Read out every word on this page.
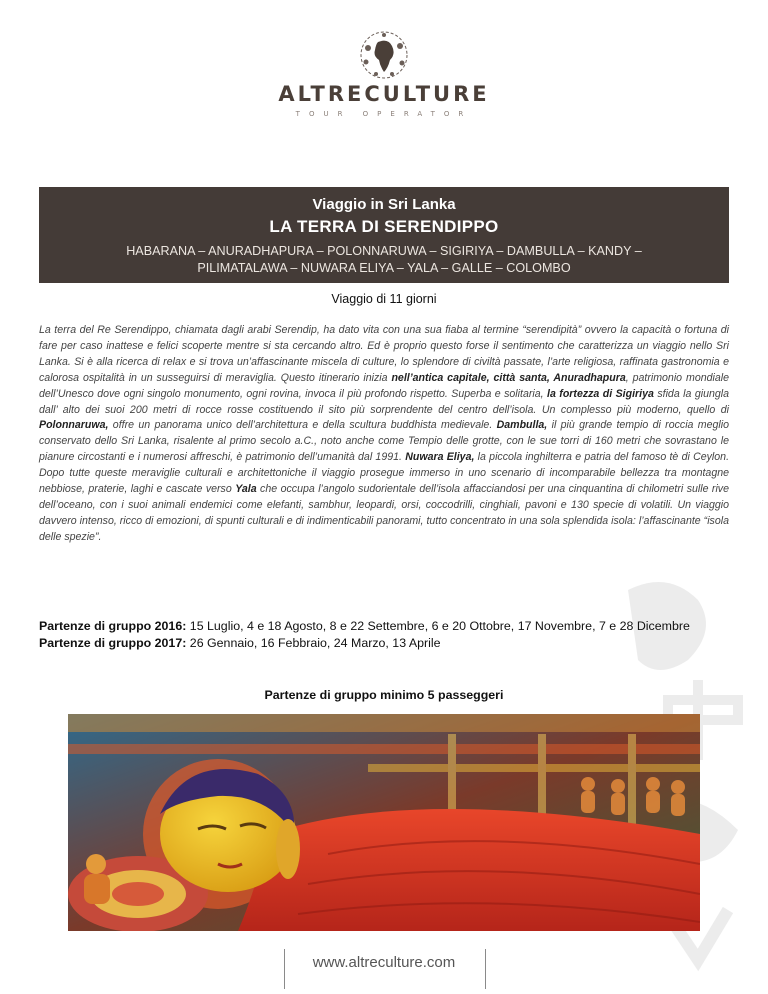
ALTRECULTURE
TOUR OPERATOR
Viaggio in Sri Lanka
LA TERRA DI SERENDIPPO
HABARANA – ANURADHAPURA – POLONNARUWA – SIGIRIYA – DAMBULLA – KANDY –
PILIMATALAWA – NUWARA ELIYA – YALA – GALLE – COLOMBO
Viaggio di 11 giorni
La terra del Re Serendippo, chiamata dagli arabi Serendip, ha dato vita con una sua fiaba al termine “serendipità” ovvero la capacità o fortuna di fare per caso inattese e felici scoperte mentre si sta cercando altro. Ed è proprio questo forse il sentimento che caratterizza un viaggio nello Sri Lanka. Si è alla ricerca di relax e si trova un’affascinante miscela di culture, lo splendore di civiltà passate, l’arte religiosa, raffinata gastronomia e calorosa ospitalità in un susseguirsi di meraviglia. Questo itinerario inizia nell’antica capitale, città santa, Anuradhapura, patrimonio mondiale dell’Unesco dove ogni singolo monumento, ogni rovina, invoca il più profondo rispetto. Superba e solitaria, la fortezza di Sigiriya sfida la giungla dall’ alto dei suoi 200 metri di rocce rosse costituendo il sito più sorprendente del centro dell’isola. Un complesso più moderno, quello di Polonnaruwa, offre un panorama unico dell’architettura e della scultura buddhista medievale. Dambulla, il più grande tempio di roccia meglio conservato dello Sri Lanka, risalente al primo secolo a.C., noto anche come Tempio delle grotte, con le sue torri di 160 metri che sovrastano le pianure circostanti e i numerosi affreschi, è patrimonio dell’umanità dal 1991. Nuwara Eliya, la piccola inghilterra e patria del famoso tè di Ceylon. Dopo tutte queste meraviglie culturali e architettoniche il viaggio prosegue immerso in uno scenario di incomparabile bellezza tra montagne nebbiose, praterie, laghi e cascate verso Yala che occupa l’angolo sudorientale dell’isola affacciandosi per una cinquantina di chilometri sulle rive dell’oceano, con i suoi animali endemici come elefanti, sambhur, leopardi, orsi, coccodrilli, cinghiali, pavoni e 130 specie di volatili. Un viaggio davvero intenso, ricco di emozioni, di spunti culturali e di indimenticabili panorami, tutto concentrato in una sola splendida isola: l’affascinante “isola delle spezie”.
Partenze di gruppo 2016: 15 Luglio, 4 e 18 Agosto, 8 e 22 Settembre, 6 e 20 Ottobre, 17 Novembre, 7 e 28 Dicembre
Partenze di gruppo 2017: 26 Gennaio, 16 Febbraio, 24 Marzo, 13 Aprile
Partenze di gruppo minimo 5 passeggeri
www.altreculture.com
